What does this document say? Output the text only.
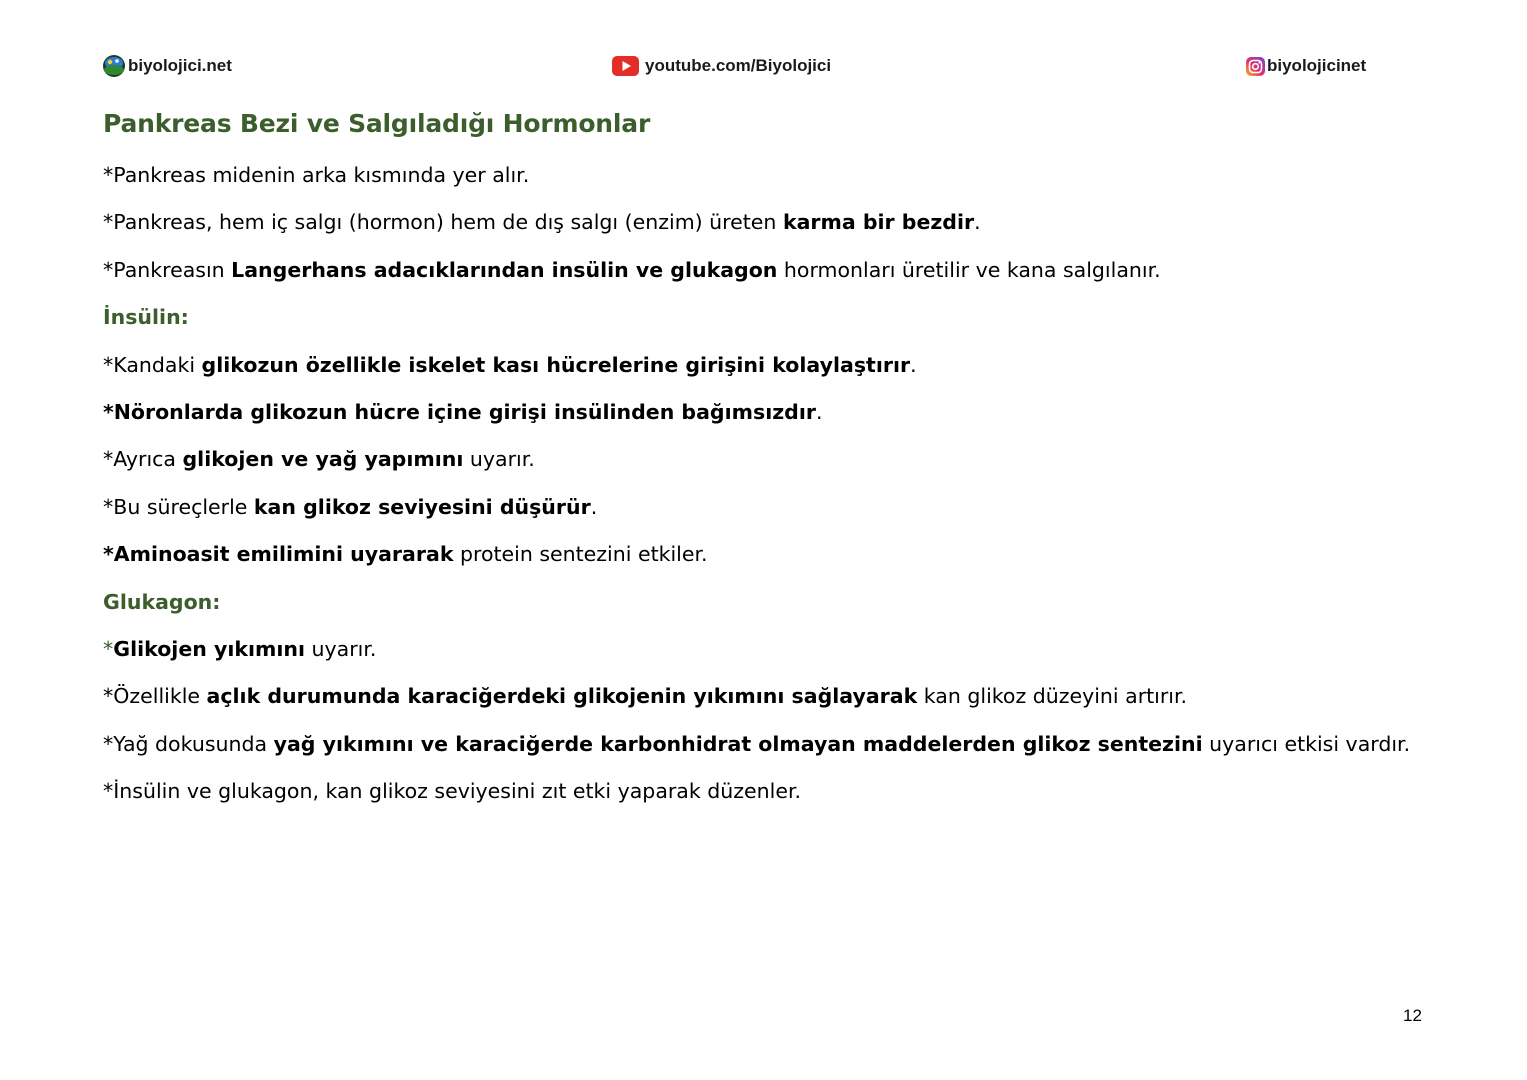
biyolojici.net	youtube.com/Biyolojici	biyolojicinet
Pankreas Bezi ve Salgıladığı Hormonlar
*Pankreas midenin arka kısmında yer alır.
*Pankreas, hem iç salgı (hormon) hem de dış salgı (enzim) üreten karma bir bezdir.
*Pankreasın Langerhans adacıklarından insülin ve glukagon hormonları üretilir ve kana salgılanır.
İnsülin:
*Kandaki glikozun özellikle iskelet kası hücrelerine girişini kolaylaştırır.
*Nöronlarda glikozun hücre içine girişi insülinden bağımsızdır.
*Ayrıca glikojen ve yağ yapımını uyarır.
*Bu süreçlerle kan glikoz seviyesini düşürür.
*Aminoasit emilimini uyararak protein sentezini etkiler.
Glukagon:
*Glikojen yıkımını uyarır.
*Özellikle açlık durumunda karaciğerdeki glikojenin yıkımını sağlayarak kan glikoz düzeyini artırır.
*Yağ dokusunda yağ yıkımını ve karaciğerde karbonhidrat olmayan maddelerden glikoz sentezini uyarıcı etkisi vardır.
*İnsülin ve glukagon, kan glikoz seviyesini zıt etki yaparak düzenler.
12
